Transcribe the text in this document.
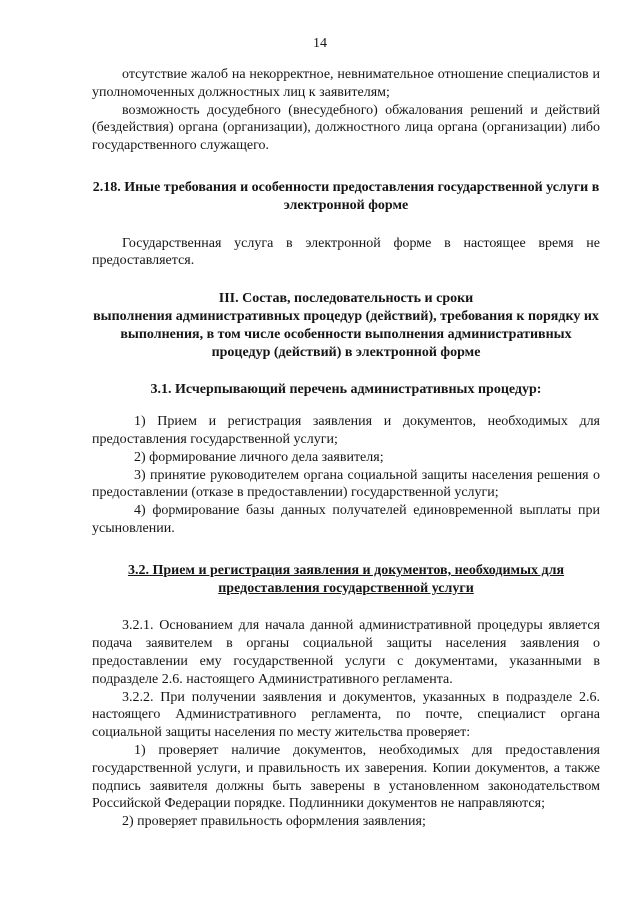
14

отсутствие жалоб на некорректное, невнимательное отношение специалистов и уполномоченных должностных лиц к заявителям;

возможность досудебного (внесудебного) обжалования решений и действий (бездействия) органа (организации), должностного лица органа (организации) либо государственного служащего.

2.18. Иные требования и особенности предоставления государственной услуги в электронной форме

Государственная услуга в электронной форме в настоящее время не предоставляется.

III. Состав, последовательность и сроки

выполнения административных процедур (действий), требования к порядку их выполнения, в том числе особенности выполнения административных процедур (действий) в электронной форме

3.1. Исчерпывающий перечень административных процедур:

1) Прием и регистрация заявления и документов, необходимых для предоставления государственной услуги;

2) формирование личного дела заявителя;

3) принятие руководителем органа социальной защиты населения решения о предоставлении (отказе в предоставлении) государственной услуги;

4) формирование базы данных получателей единовременной выплаты при усыновлении.

3.2. Прием и регистрация заявления и документов, необходимых для предоставления государственной услуги

3.2.1. Основанием для начала данной административной процедуры является подача заявителем в органы социальной защиты населения заявления о предоставлении ему государственной услуги с документами, указанными в подразделе 2.6. настоящего Административного регламента.

3.2.2. При получении заявления и документов, указанных в подразделе 2.6. настоящего Административного регламента, по почте, специалист органа социальной защиты населения по месту жительства проверяет:

1) проверяет наличие документов, необходимых для предоставления государственной услуги, и правильность их заверения. Копии документов, а также подпись заявителя должны быть заверены в установленном законодательством Российской Федерации порядке. Подлинники документов не направляются;

2) проверяет правильность оформления заявления;
